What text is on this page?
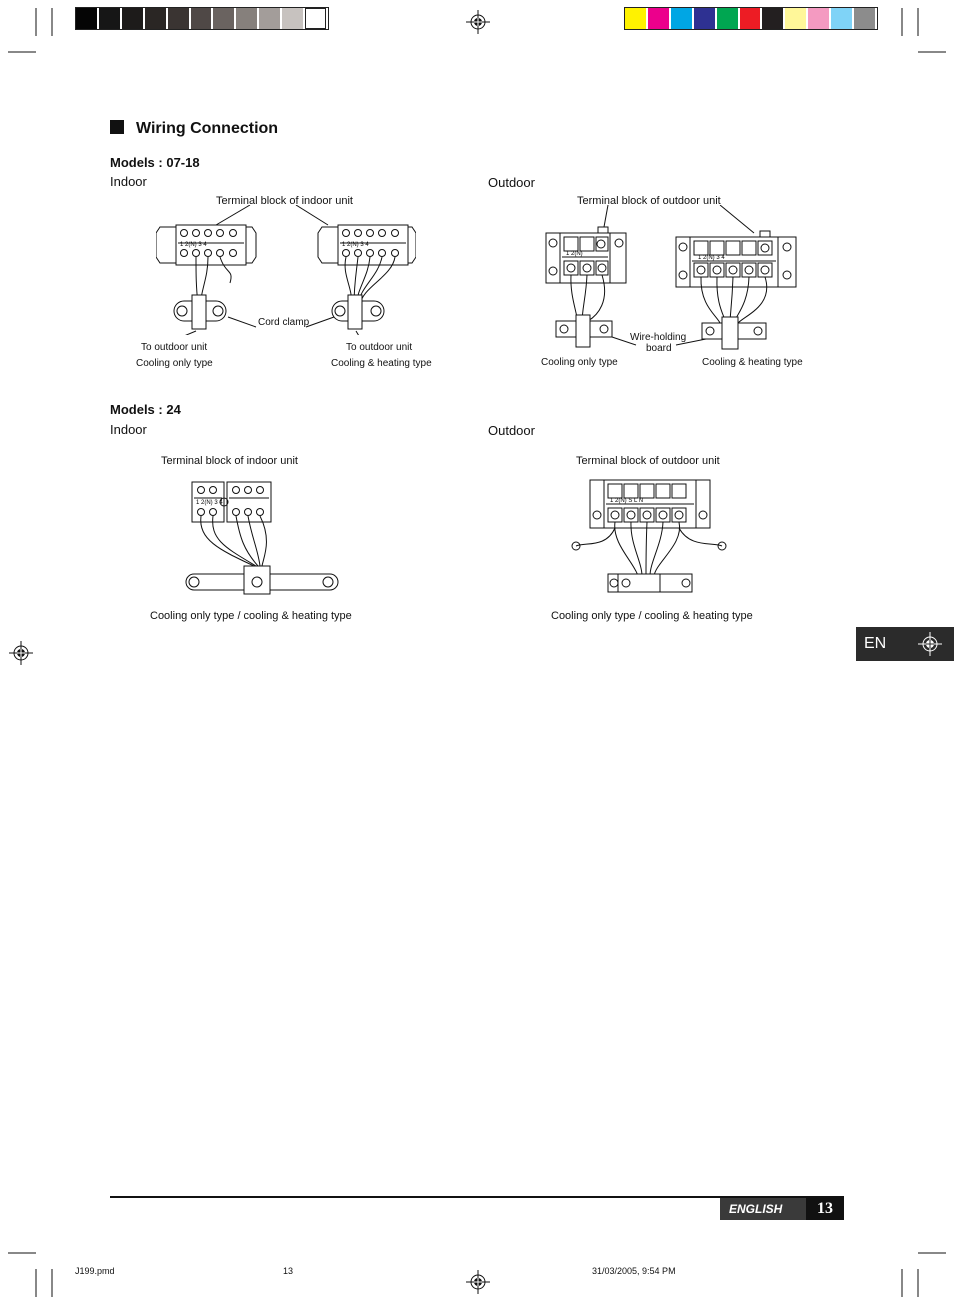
Wiring Connection
Models : 07-18
Indoor	Outdoor
Terminal block of indoor unit
1 2(N) 3 4	1 2(N) 3 4
Cord clamp
To outdoor unit
Cooling only type
To outdoor unit
Cooling & heating type
Terminal block of outdoor unit
1 2(N)
1 2(N) 3 4
Wire-holding
board
Cooling only type	Cooling & heating type
Models : 24
Indoor	Outdoor
Terminal block of indoor unit
1 2(N) 3 4
Cooling only type / cooling & heating type
Terminal block of outdoor unit
1 2(N) S L N
Cooling only type / cooling & heating type
EN
ENGLISH	13
J199.pmd	13	31/03/2005, 9:54 PM
